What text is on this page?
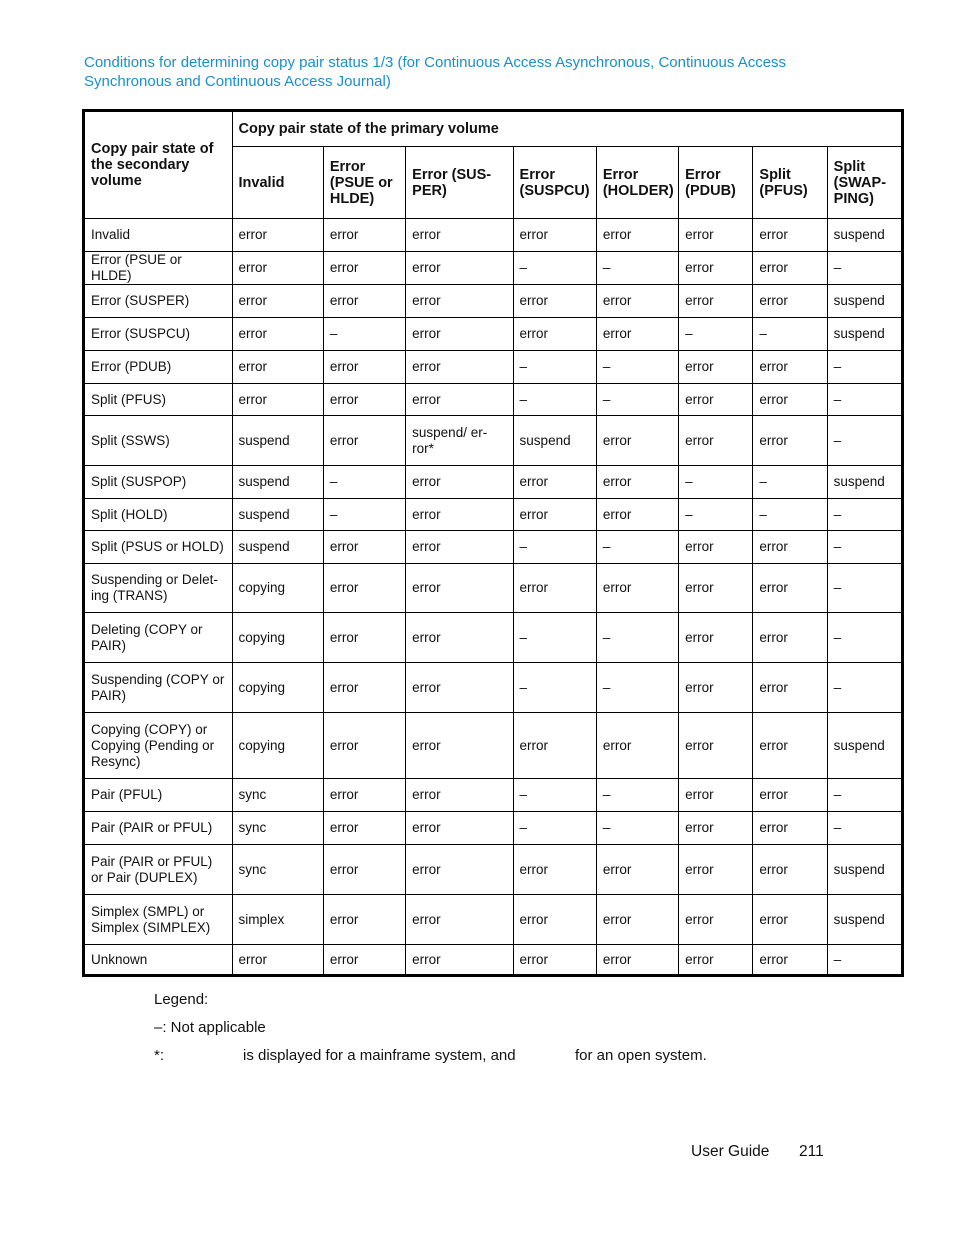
Conditions for determining copy pair status 1/3 (for Continuous Access Asynchronous, Continuous Access Synchronous and Continuous Access Journal)
Copy pair state of the secondary volume	Copy pair state of the primary volume							
	Invalid	Error (PSUE or HLDE)	Error (SUS-PER)	Error (SUSPCU)	Error (HOLDER)	Error (PDUB)	Split (PFUS)	Split (SWAP-PING)
Invalid	error	error	error	error	error	error	error	suspend
Error (PSUE or HLDE)	error	error	error	–	–	error	error	–
Error (SUSPER)	error	error	error	error	error	error	error	suspend
Error (SUSPCU)	error	–	error	error	error	–	–	suspend
Error (PDUB)	error	error	error	–	–	error	error	–
Split (PFUS)	error	error	error	–	–	error	error	–
Split (SSWS)	suspend	error	suspend/ er-ror*	suspend	error	error	error	–
Split (SUSPOP)	suspend	–	error	error	error	–	–	suspend
Split (HOLD)	suspend	–	error	error	error	–	–	–
Split (PSUS or HOLD)	suspend	error	error	–	–	error	error	–
Suspending or Delet-ing (TRANS)	copying	error	error	error	error	error	error	–
Deleting (COPY or PAIR)	copying	error	error	–	–	error	error	–
Suspending (COPY or PAIR)	copying	error	error	–	–	error	error	–
Copying (COPY) or Copying (Pending or Resync)	copying	error	error	error	error	error	error	suspend
Pair (PFUL)	sync	error	error	–	–	error	error	–
Pair (PAIR or PFUL)	sync	error	error	–	–	error	error	–
Pair (PAIR or PFUL) or Pair (DUPLEX)	sync	error	error	error	error	error	error	suspend
Simplex (SMPL) or Simplex (SIMPLEX)	simplex	error	error	error	error	error	error	suspend
Unknown	error	error	error	error	error	error	error	–
Legend:
–: Not applicable
*:	is displayed for a mainframe system, and	for an open system.
User Guide 211
